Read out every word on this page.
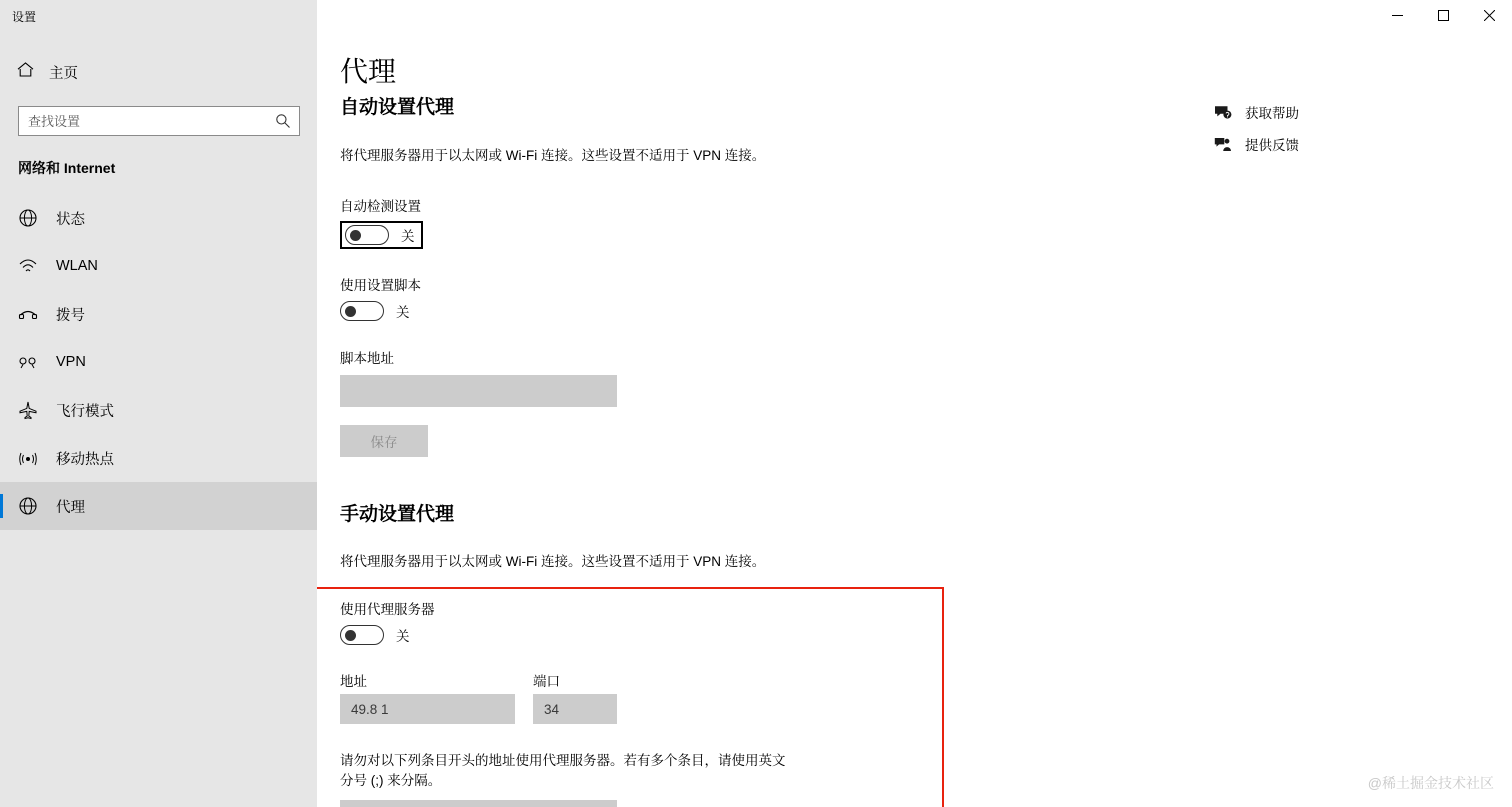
设置
主页
查找设置
网络和 Internet
状态
WLAN
拨号
VPN
飞行模式
移动热点
代理
代理
自动设置代理
将代理服务器用于以太网或 Wi-Fi 连接。这些设置不适用于 VPN 连接。
自动检测设置
关
使用设置脚本
关
脚本地址
保存
手动设置代理
将代理服务器用于以太网或 Wi-Fi 连接。这些设置不适用于 VPN 连接。
使用代理服务器
关
地址
49.8 1	端口
34
请勿对以下列条目开头的地址使用代理服务器。若有多个条目，请使用英文分号 (;) 来分隔。
localhost;127.*;10.*;172.16.*;172.17.*;172.18.*;172.19.*;172.20.*;172.21.
获取帮助
提供反馈
@稀土掘金技术社区
